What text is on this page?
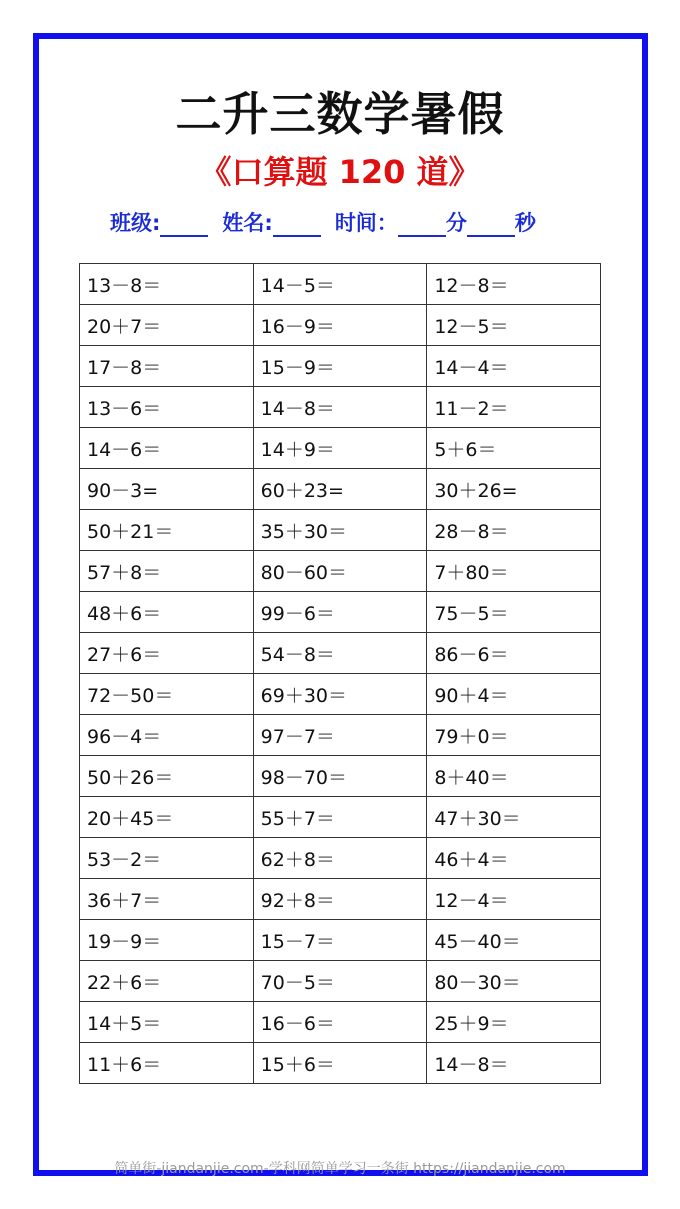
二升三数学暑假
《口算题 120 道》
班级:	姓名:	时间： 分 秒
13－8＝	14－5＝	12－8＝
20＋7＝	16－9＝	12－5＝
17－8＝	15－9＝	14－4＝
13－6＝	14－8＝	11－2＝
14－6＝	14＋9＝	5＋6＝
90－3=	60＋23=	30＋26=
50＋21＝	35＋30＝	28－8＝
57＋8＝	80－60＝	7＋80＝
48＋6＝	99－6＝	75－5＝
27＋6＝	54－8＝	86－6＝
72－50＝	69＋30＝	90＋4＝
96－4＝	97－7＝	79＋0＝
50＋26＝	98－70＝	8＋40＝
20＋45＝	55＋7＝	47＋30＝
53－2＝	62＋8＝	46＋4＝
36＋7＝	92＋8＝	12－4＝
19－9＝	15－7＝	45－40＝
22＋6＝	70－5＝	80－30＝
14＋5＝	16－6＝	25＋9＝
11＋6＝	15＋6＝	14－8＝
简单街-jiandanjie.com-学科网简单学习一条街 https://jiandanjie.com
